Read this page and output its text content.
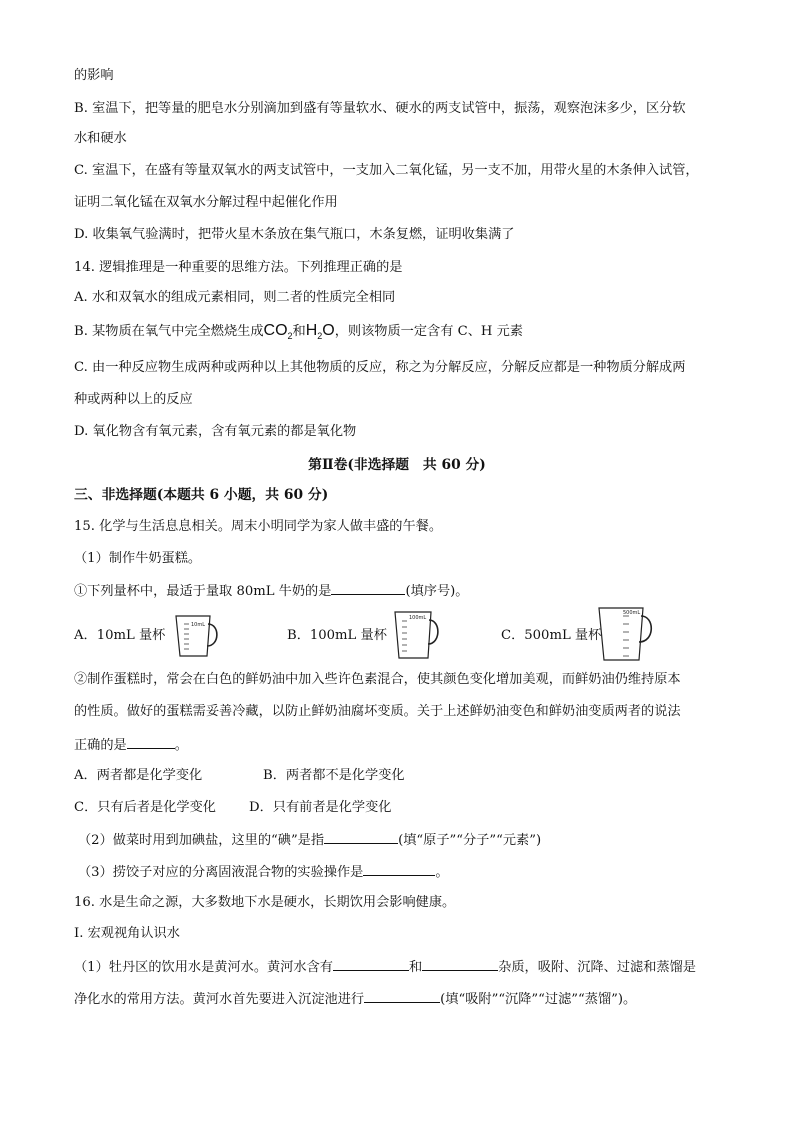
的影响
B. 室温下，把等量的肥皂水分别滴加到盛有等量软水、硬水的两支试管中，振荡，观察泡沫多少，区分软
水和硬水
C. 室温下，在盛有等量双氧水的两支试管中，一支加入二氧化锰，另一支不加，用带火星的木条伸入试管，
证明二氧化锰在双氧水分解过程中起催化作用
D. 收集氧气验满时，把带火星木条放在集气瓶口，木条复燃，证明收集满了
14. 逻辑推理是一种重要的思维方法。下列推理正确的是
A. 水和双氧水的组成元素相同，则二者的性质完全相同
B. 某物质在氧气中完全燃烧生成$CO_2$和$H_2O$，则该物质一定含有 C、H 元素
C. 由一种反应物生成两种或两种以上其他物质的反应，称之为分解反应，分解反应都是一种物质分解成两
种或两种以上的反应
D. 氧化物含有氧元素，含有氧元素的都是氧化物
第Ⅱ卷(非选择题　共 60 分)
三、非选择题(本题共 6 小题，共 60 分)
15. 化学与生活息息相关。周末小明同学为家人做丰盛的午餐。
（1）制作牛奶蛋糕。
①下列量杯中，最适于量取 80mL 牛奶的是	(填序号)。
A．10mL 量杯
10mL
B．100mL 量杯
100mL
C．500mL 量杯
500mL
②制作蛋糕时，常会在白色的鲜奶油中加入些许色素混合，使其颜色变化增加美观，而鲜奶油仍维持原本
的性质。做好的蛋糕需妥善冷藏，以防止鲜奶油腐坏变质。关于上述鲜奶油变色和鲜奶油变质两者的说法
正确的是	。
A．两者都是化学变化	B．两者都不是化学变化
C．只有后者是化学变化	D．只有前者是化学变化
（2）做菜时用到加碘盐，这里的“碘”是指	(填“原子”“分子”“元素”)
（3）捞饺子对应的分离固液混合物的实验操作是	。
16. 水是生命之源，大多数地下水是硬水，长期饮用会影响健康。
I. 宏观视角认识水
（1）牡丹区的饮用水是黄河水。黄河水含有	和	杂质，吸附、沉降、过滤和蒸馏是
净化水的常用方法。黄河水首先要进入沉淀池进行	(填“吸附”“沉降”“过滤”“蒸馏”)。
